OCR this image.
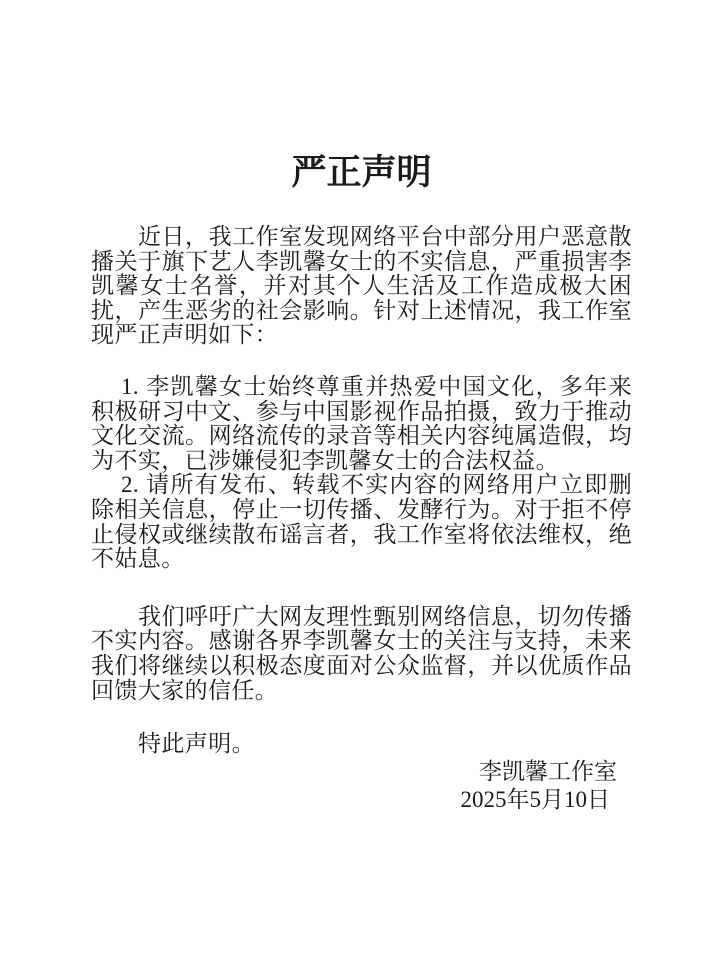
严正声明

近日，我工作室发现网络平台中部分用户恶意散播关于旗下艺人李凯馨女士的不实信息，严重损害李凯馨女士名誉，并对其个人生活及工作造成极大困扰，产生恶劣的社会影响。针对上述情况，我工作室现严正声明如下：

1. 李凯馨女士始终尊重并热爱中国文化，多年来积极研习中文、参与中国影视作品拍摄，致力于推动文化交流。网络流传的录音等相关内容纯属造假，均为不实，已涉嫌侵犯李凯馨女士的合法权益。

2. 请所有发布、转载不实内容的网络用户立即删除相关信息，停止一切传播、发酵行为。对于拒不停止侵权或继续散布谣言者，我工作室将依法维权，绝不姑息。

我们呼吁广大网友理性甄别网络信息，切勿传播不实内容。感谢各界李凯馨女士的关注与支持，未来我们将继续以积极态度面对公众监督，并以优质作品回馈大家的信任。

特此声明。

李凯馨工作室

2025年5月10日
